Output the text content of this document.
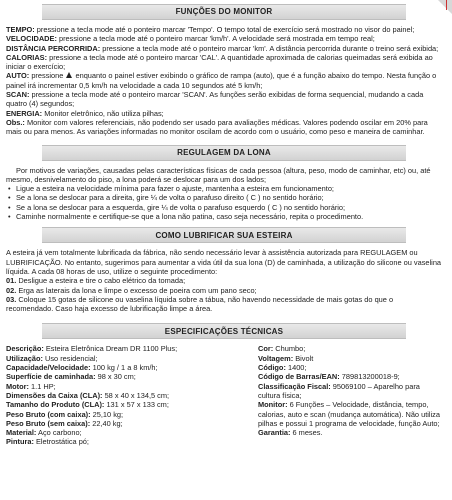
FUNÇÕES DO MONITOR

TEMPO: pressione a tecla mode até o ponteiro marcar 'Tempo'. O tempo total de exercício será mostrado no visor do painel;

VELOCIDADE: pressione a tecla mode até o ponteiro marcar 'km/h'. A velocidade será mostrada em tempo real;

DISTÂNCIA PERCORRIDA: pressione a tecla mode até o ponteiro marcar 'km'. A distância percorrida durante o treino será exibida;

CALORIAS: pressione a tecla mode até o ponteiro marcar 'CAL'. A quantidade aproximada de calorias queimadas será exibida ao iniciar o exercício;

AUTO: pressione  enquanto o painel estiver exibindo o gráfico de rampa (auto), que é a função abaixo do tempo. Nesta função o painel irá incrementar 0,5 km/h na velocidade a cada 10 segundos até 5 km/h;

SCAN: pressione a tecla mode até o ponteiro marcar 'SCAN'. As funções serão exibidas de forma sequencial, mudando a cada quatro (4) segundos;

ENERGIA: Monitor eletrônico, não utiliza pilhas;

Obs.: Monitor com valores referenciais, não podendo ser usado para avaliações médicas. Valores podendo oscilar em 20% para mais ou para menos. As variações informadas no monitor oscilam de acordo com o usuário, como peso e maneira de caminhar.

REGULAGEM DA LONA

Por motivos de variações, causadas pelas características físicas de cada pessoa (altura, peso, modo de caminhar, etc) ou, até mesmo, desnivelamento do piso, a lona poderá se deslocar para um dos lados;

• Ligue a esteira na velocidade mínima para fazer o ajuste, mantenha a esteira em funcionamento;
• Se a lona se deslocar para a direita, gire ¼ de volta o parafuso direito ( C ) no sentido horário;
• Se a lona se deslocar para a esquerda, gire ¼ de volta o parafuso esquerdo ( C ) no sentido horário;
• Caminhe normalmente e certifique-se que a lona não patina, caso seja necessário, repita o procedimento.
COMO LUBRIFICAR SUA ESTEIRA

A esteira já vem totalmente lubrificada da fábrica, não sendo necessário levar à assistência autorizada para REGULAGEM ou LUBRIFICAÇÃO. No entanto, sugerimos para aumentar a vida útil da sua lona (D) de caminhada, a utilização do silicone ou vaselina líquida. A cada 08 horas de uso, utilize o seguinte procedimento:

01. Desligue a esteira e tire o cabo elétrico da tomada;

02. Erga as laterais da lona e limpe o excesso de poeira com um pano seco;

03. Coloque 15 gotas de silicone ou vaselina líquida sobre a tábua, não havendo necessidade de mais gotas do que o recomendado. Caso haja excesso de lubrificação limpe a área.

ESPECIFICAÇÕES TÉCNICAS

Descrição: Esteira Eletrônica Dream DR 1100 Plus;

Utilização: Uso residencial;

Capacidade/Velocidade: 100 kg / 1 a 8 km/h;

Superfície de caminhada: 98 x 30 cm;

Motor: 1.1 HP;

Dimensões da Caixa (CLA): 58 x 40 x 134,5 cm;

Tamanho do Produto (CLA): 131 x 57 x 133 cm;

Peso Bruto (com caixa): 25,10 kg;

Peso Bruto (sem caixa): 22,40 kg;

Material: Aço carbono;

Pintura: Eletrostática pó;

Cor: Chumbo;

Voltagem: Bivolt

Código: 1400;

Código de Barras/EAN: 789813200018-9;

Classificação Fiscal: 95069100 – Aparelho para cultura física;

Monitor: 6 Funções – Velocidade, distância, tempo, calorias, auto e scan (mudança automática). Não utiliza pilhas e possui 1 programa de velocidade, função Auto;

Garantia: 6 meses.
